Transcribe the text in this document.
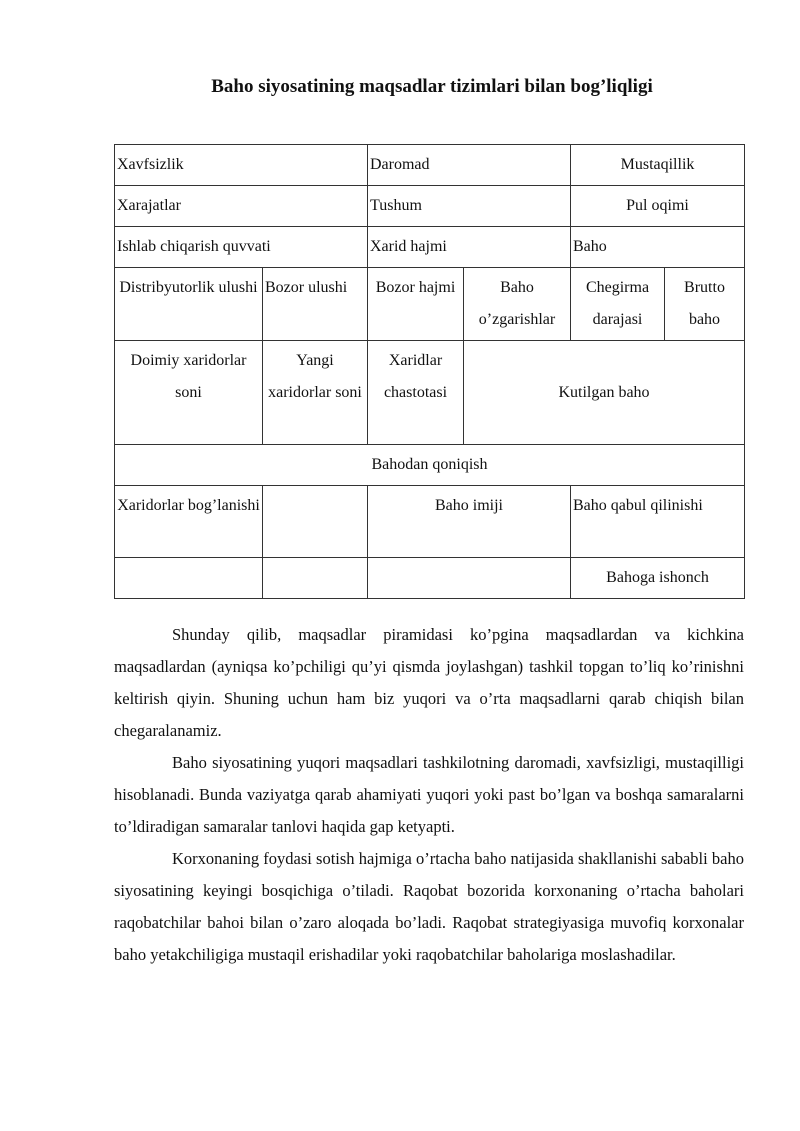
Baho siyosatining maqsadlar tizimlari bilan bog’liqligi
Xavfsizlik		Daromad		Mustaqillik	
Xarajatlar		Tushum		Pul oqimi	
Ishlab chiqarish quvvati		Xarid hajmi		Baho	
Distribyutorlik ulushi	Bozor ulushi	Bozor hajmi	Baho o’zgarishlar	Chegirma darajasi	Brutto baho
Doimiy xaridorlar soni	Yangi xaridorlar soni	Xaridlar chastotasi	Kutilgan baho		
Bahodan qoniqish					
Xaridorlar bog’lanishi		Baho imiji		Baho qabul qilinishi	
				Bahoga ishonch	

Shunday qilib, maqsadlar piramidasi ko’pgina maqsadlardan va kichkina maqsadlardan (ayniqsa ko’pchiligi qu’yi qismda joylashgan) tashkil topgan to’liq ko’rinishni keltirish qiyin. Shuning uchun ham biz yuqori va o’rta maqsadlarni qarab chiqish bilan chegaralanamiz.

Baho siyosatining yuqori maqsadlari tashkilotning daromadi, xavfsizligi, mustaqilligi hisoblanadi. Bunda vaziyatga qarab ahamiyati yuqori yoki past bo’lgan va boshqa samaralarni to’ldiradigan samaralar tanlovi haqida gap ketyapti.

Korxonaning foydasi sotish hajmiga o’rtacha baho natijasida shakllanishi sababli baho siyosatining keyingi bosqichiga o’tiladi. Raqobat bozorida korxonaning o’rtacha baholari raqobatchilar bahoi bilan o’zaro aloqada bo’ladi. Raqobat strategiyasiga muvofiq korxonalar baho yetakchiligiga mustaqil erishadilar yoki raqobatchilar baholariga moslashadilar.
